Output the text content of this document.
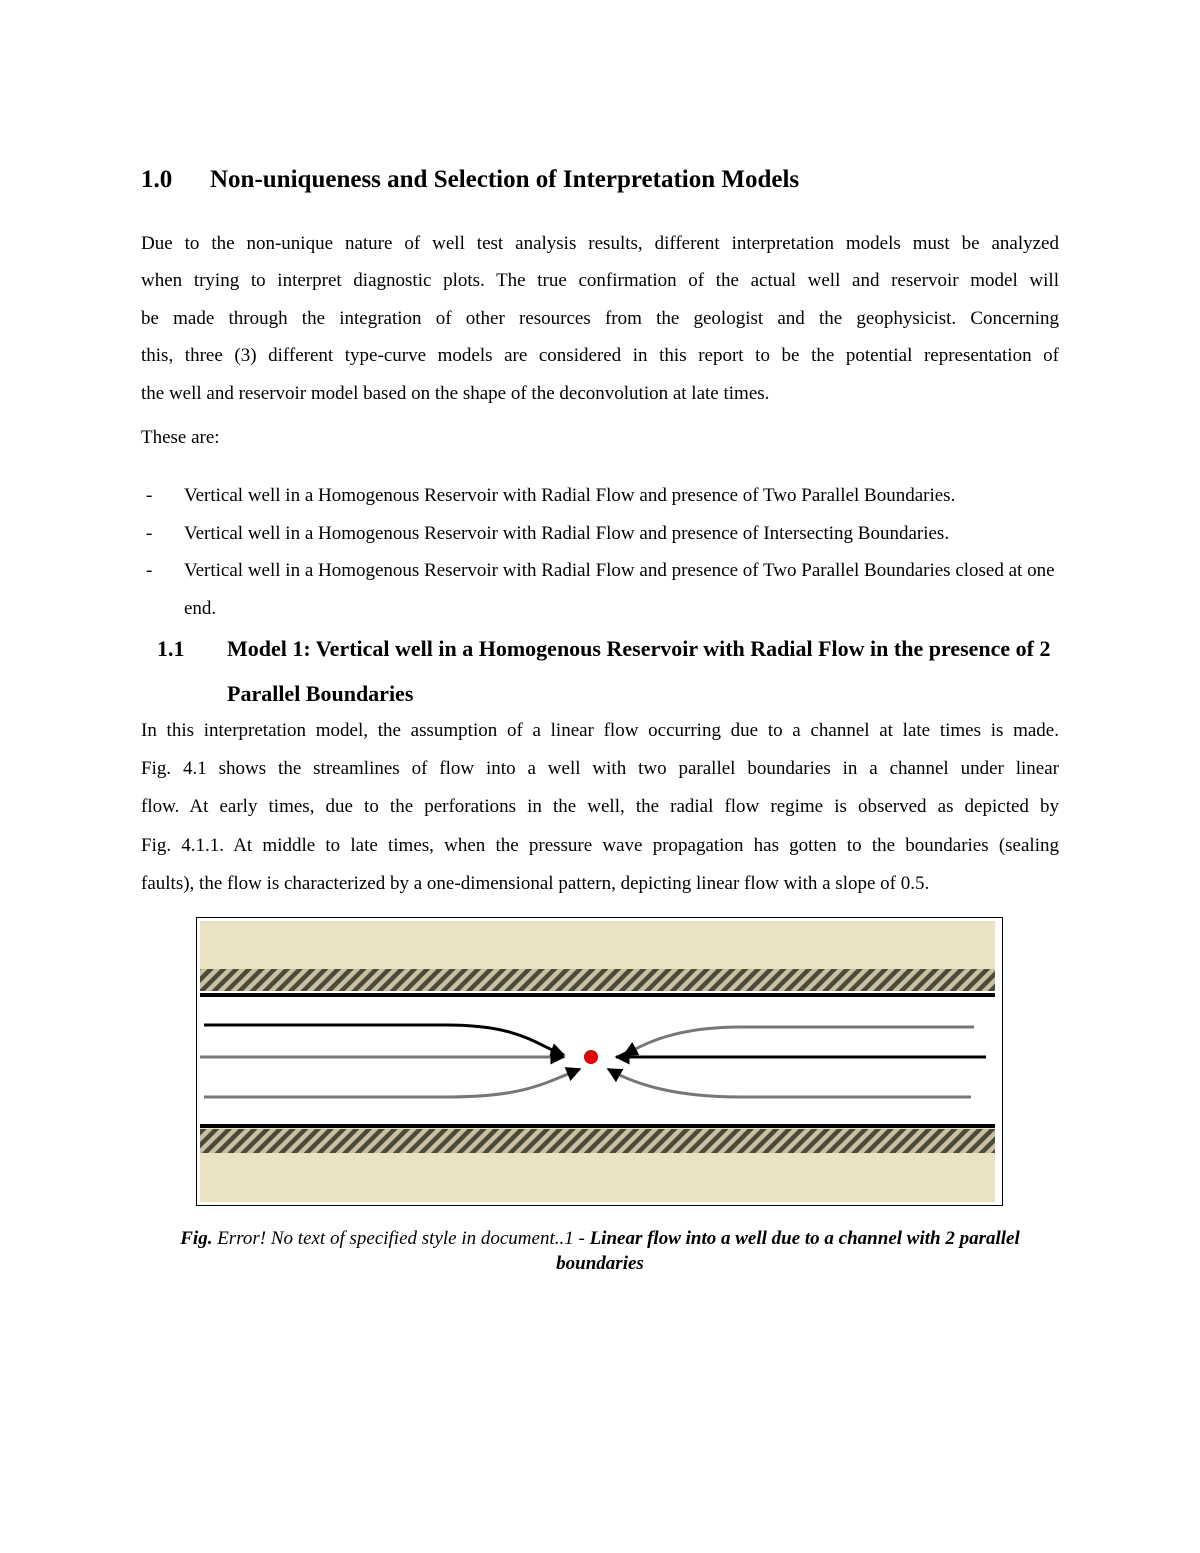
1.0 Non-uniqueness and Selection of Interpretation Models
Due to the non-unique nature of well test analysis results, different interpretation models must be analyzed
when trying to interpret diagnostic plots. The true confirmation of the actual well and reservoir model will
be made through the integration of other resources from the geologist and the geophysicist. Concerning
this, three (3) different type-curve models are considered in this report to be the potential representation of
the well and reservoir model based on the shape of the deconvolution at late times.
These are:
- Vertical well in a Homogenous Reservoir with Radial Flow and presence of Two Parallel Boundaries.
- Vertical well in a Homogenous Reservoir with Radial Flow and presence of Intersecting Boundaries.
- Vertical well in a Homogenous Reservoir with Radial Flow and presence of Two Parallel Boundaries closed at one end.
1.1 Model 1: Vertical well in a Homogenous Reservoir with Radial Flow in the presence of 2 Parallel Boundaries
In this interpretation model, the assumption of a linear flow occurring due to a channel at late times is made.
Fig. 4.1 shows the streamlines of flow into a well with two parallel boundaries in a channel under linear
flow. At early times, due to the perforations in the well, the radial flow regime is observed as depicted by
Fig. 4.1.1. At middle to late times, when the pressure wave propagation has gotten to the boundaries (sealing
faults), the flow is characterized by a one-dimensional pattern, depicting linear flow with a slope of 0.5.
Fig. Error! No text of specified style in document..1 - Linear flow into a well due to a channel with 2 parallel boundaries
